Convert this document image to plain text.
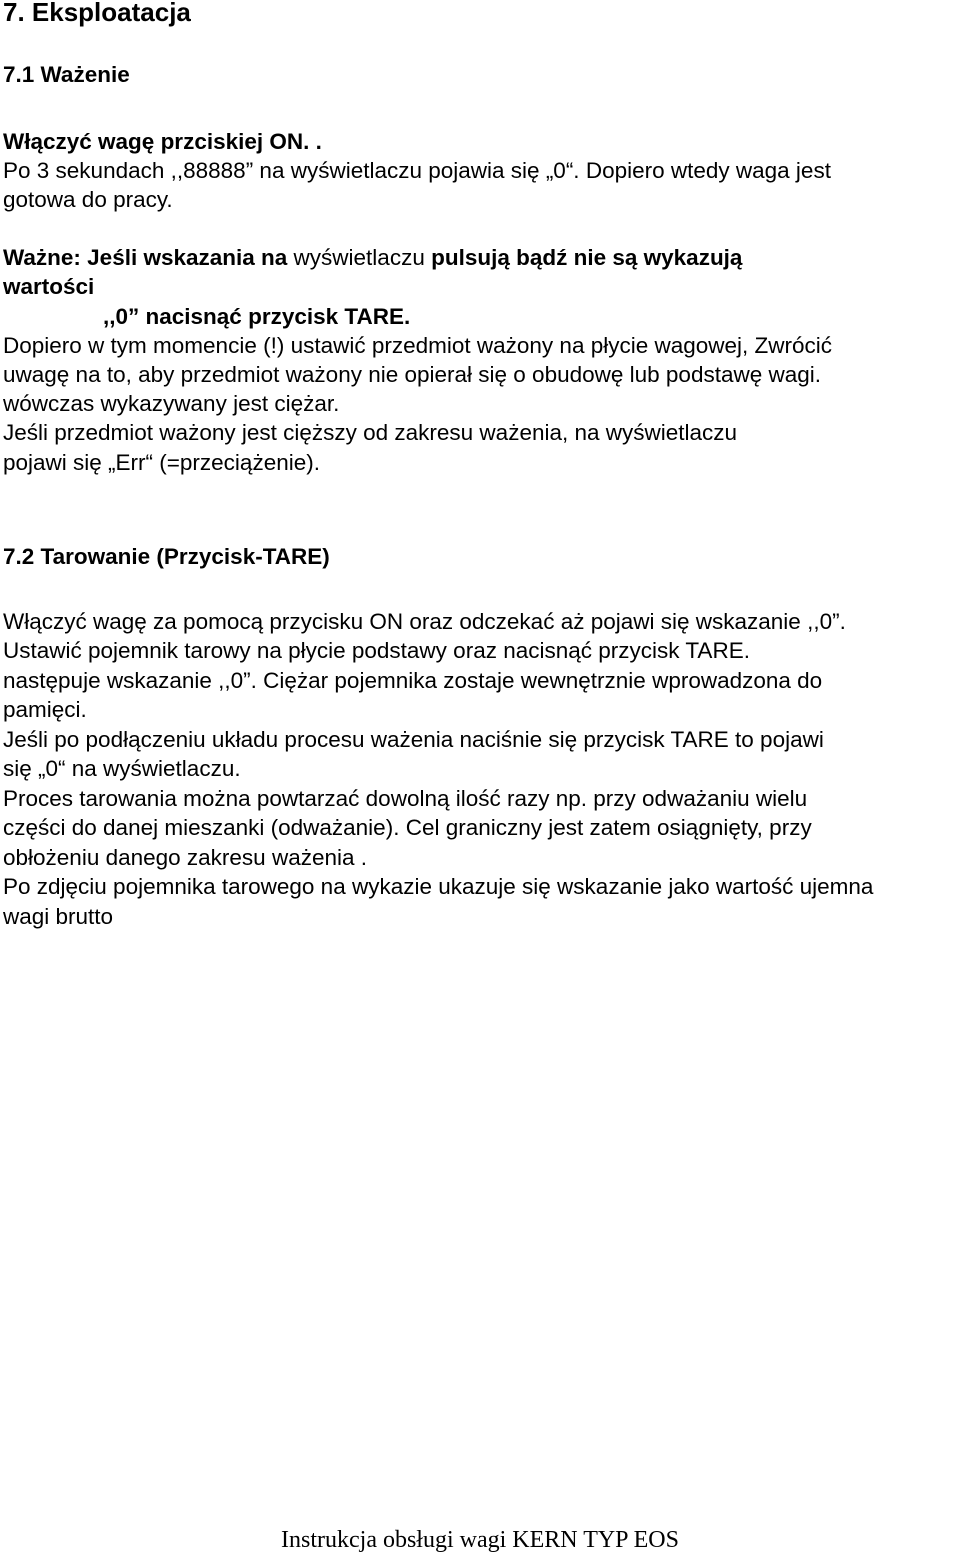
7. Eksploatacja
7.1 Ważenie
Włączyć wagę przciskiej ON. .
Po 3 sekundach ,,88888” na wyświetlaczu pojawia się „0“. Dopiero wtedy waga jest
gotowa do pracy.
Ważne: Jeśli wskazania na wyświetlaczu pulsują bądź nie są wykazują
wartości
,,0” nacisnąć przycisk TARE.
Dopiero w tym momencie (!) ustawić przedmiot ważony na płycie wagowej, Zwrócić
uwagę na to, aby przedmiot ważony nie opierał się o obudowę lub podstawę wagi.
wówczas wykazywany jest ciężar.
Jeśli przedmiot ważony jest cięższy od zakresu ważenia, na wyświetlaczu
pojawi się „Err“ (=przeciążenie).
7.2 Tarowanie (Przycisk-TARE)
Włączyć wagę za pomocą przycisku ON oraz odczekać aż pojawi się wskazanie ,,0”.
Ustawić pojemnik tarowy na płycie podstawy oraz nacisnąć przycisk TARE.
następuje wskazanie ,,0”. Ciężar pojemnika zostaje wewnętrznie wprowadzona do
pamięci.
Jeśli po podłączeniu układu procesu ważenia naciśnie się przycisk TARE to pojawi
się „0“ na wyświetlaczu.
Proces tarowania można powtarzać dowolną ilość razy np. przy odważaniu wielu
części do danej mieszanki (odważanie). Cel graniczny jest zatem osiągnięty, przy
obłożeniu danego zakresu ważenia .
Po zdjęciu pojemnika tarowego na wykazie ukazuje się wskazanie jako wartość ujemna
wagi brutto
Instrukcja obsługi wagi KERN TYP EOS
